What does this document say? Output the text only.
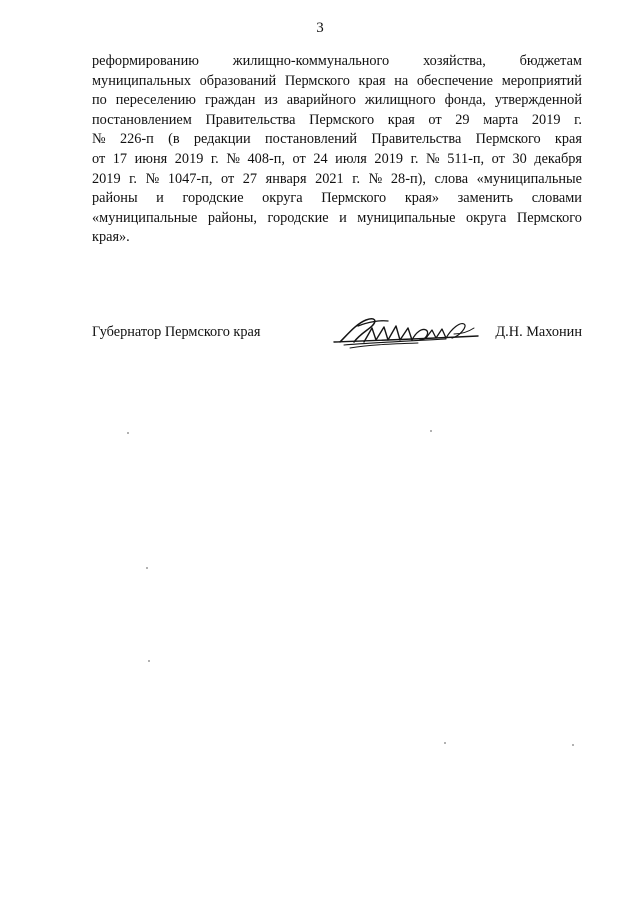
3
реформированию жилищно-коммунального хозяйства, бюджетам
муниципальных образований Пермского края на обеспечение мероприятий
по переселению граждан из аварийного жилищного фонда, утвержденной
постановлением Правительства Пермского края от 29 марта 2019 г.
№ 226-п (в редакции постановлений Правительства Пермского края
от 17 июня 2019 г. № 408-п, от 24 июля 2019 г. № 511-п, от 30 декабря
2019 г. № 1047-п, от 27 января 2021 г. № 28-п), слова «муниципальные
районы и городские округа Пермского края» заменить словами
«муниципальные районы, городские и муниципальные округа Пермского
края».
Губернатор Пермского края	Д.Н. Махонин
